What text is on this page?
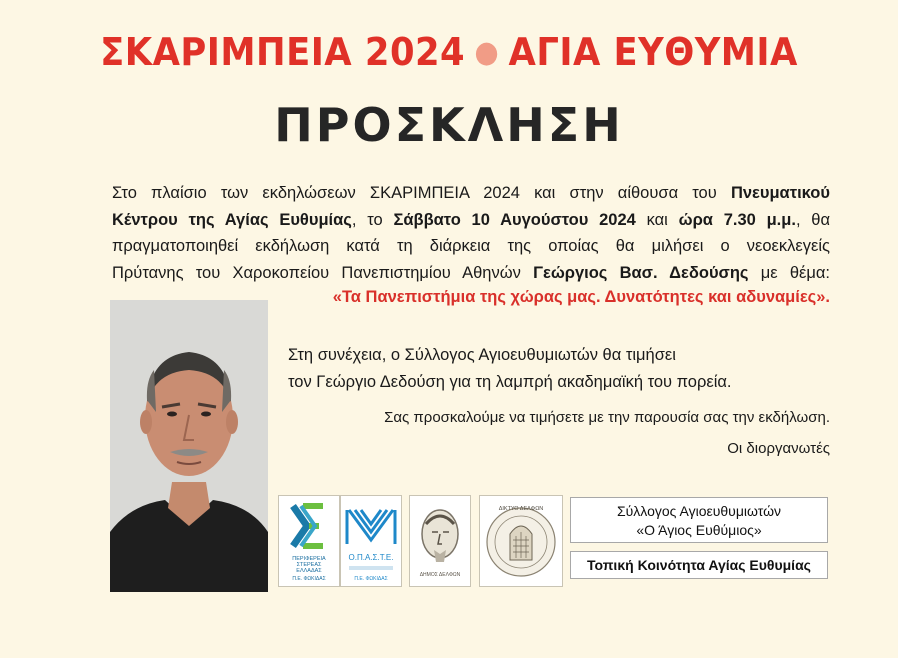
ΣΚΑΡΙΜΠΕΙΑ 2024 ● ΑΓΙΑ ΕΥΘΥΜΙΑ
ΠΡΟΣΚΛΗΣΗ
Στο πλαίσιο των εκδηλώσεων ΣΚΑΡΙΜΠΕΙΑ 2024 και στην αίθουσα του Πνευματικού
Κέντρου της Αγίας Ευθυμίας, το Σάββατο 10 Αυγούστου 2024 και ώρα 7.30 μ.μ., θα
πραγματοποιηθεί εκδήλωση κατά τη διάρκεια της οποίας θα μιλήσει ο νεοεκλεγείς
Πρύτανης του Χαροκοπείου Πανεπιστημίου Αθηνών Γεώργιος Βασ. Δεδούσης με θέμα:
«Τα Πανεπιστήμια της χώρας μας. Δυνατότητες και αδυναμίες».
Στη συνέχεια, ο Σύλλογος Αγιοευθυμιωτών θα τιμήσει
τον Γεώργιο Δεδούση για τη λαμπρή ακαδημαϊκή του πορεία.
Σας προσκαλούμε να τιμήσετε με την παρουσία σας την εκδήλωση.
Οι διοργανωτές
ΠΕΡΙΦΕΡΕΙΑ
ΣΤΕΡΕΑΣ
ΕΛΛΑΔΑΣ
Π.Ε. ΦΩΚΙΔΑΣ
Ο.Π.Α.Σ.Τ.Ε.
Π.Ε. ΦΩΚΙΔΑΣ
ΔΗΜΟΣ ΔΕΛΦΩΝ
ΔΙΚΤΥΟ ΔΕΛΦΩΝ	Σύλλογος Αγιοευθυμιωτών
«Ο Άγιος Ευθύμιος»
Τοπική Κοινότητα Αγίας Ευθυμίας
